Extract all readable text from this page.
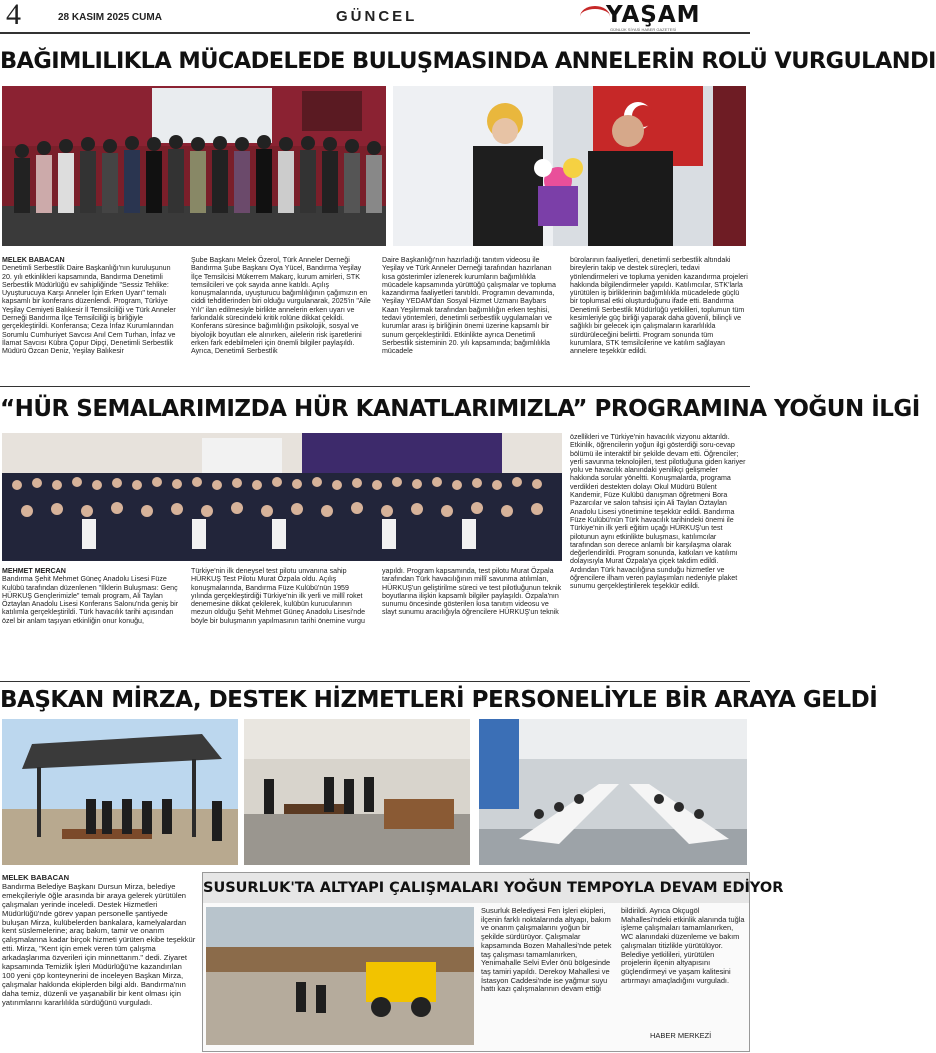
4	28 KASIM 2025 CUMA	GÜNCEL	YAŞAM
GÜNLÜK SİYASİ HABER GAZETESİ
BAĞIMLILIKLA MÜCADELEDE BULUŞMASINDA ANNELERİN ROLÜ VURGULANDI
MELEK BABACAN

Denetimli Serbestlik Daire Başkanlığı'nın kuruluşunun 20. yılı etkinlikleri kapsamında, Bandırma Denetimli Serbestlik Müdürlüğü ev sahipliğinde "Sessiz Tehlike: Uyuşturucuya Karşı Anneler İçin Erken Uyarı" temalı kapsamlı bir konferans düzenlendi. Program, Türkiye Yeşilay Cemiyeti Balıkesir İl Temsilciliği ve Türk Anneler Derneği Bandırma İlçe Temsilciliği iş birliğiyle gerçekleştirildi. Konferansa; Ceza İnfaz Kurumlarından Sorumlu Cumhuriyet Savcısı Anıl Cem Turhan, İnfaz ve İlamat Savcısı Kübra Çopur Dipçi, Denetimli Serbestlik Müdürü Özcan Deniz, Yeşilay Balıkesir

Şube Başkanı Melek Özerol, Türk Anneler Derneği Bandırma Şube Başkanı Oya Yücel, Bandırma Yeşilay İlçe Temsilcisi Mükerrem Makarç, kurum amirleri, STK temsilcileri ve çok sayıda anne katıldı. Açılış konuşmalarında, uyuşturucu bağımlılığının çağımızın en ciddi tehditlerinden biri olduğu vurgulanarak, 2025'in "Aile Yılı" ilan edilmesiyle birlikte annelerin erken uyarı ve farkındalık sürecindeki kritik rolüne dikkat çekildi. Konferans süresince bağımlılığın psikolojik, sosyal ve biyolojik boyutları ele alınırken, ailelerin risk işaretlerini erken fark edebilmeleri için önemli bilgiler paylaşıldı. Ayrıca, Denetimli Serbestlik

Daire Başkanlığı'nın hazırladığı tanıtım videosu ile Yeşilay ve Türk Anneler Derneği tarafından hazırlanan kısa gösterimler izlenerek kurumların bağımlılıkla mücadele kapsamında yürüttüğü çalışmalar ve topluma kazandırma faaliyetleri tanıtıldı. Programın devamında, Yeşilay YEDAM'dan Sosyal Hizmet Uzmanı Baybars Kaan Yeşilırmak tarafından bağımlılığın erken teşhisi, tedavi yöntemleri, denetimli serbestlik uygulamaları ve kurumlar arası iş birliğinin önemi üzerine kapsamlı bir sunum gerçekleştirildi. Etkinlikte ayrıca Denetimli Serbestlik sisteminin 20. yılı kapsamında; bağımlılıkla mücadele

bürolarının faaliyetleri, denetimli serbestlik altındaki bireylerin takip ve destek süreçleri, tedavi yönlendirmeleri ve topluma yeniden kazandırma projeleri hakkında bilgilendirmeler yapıldı. Katılımcılar, STK'larla yürütülen iş birliklerinin bağımlılıkla mücadelede güçlü bir toplumsal etki oluşturduğunu ifade etti. Bandırma Denetimli Serbestlik Müdürlüğü yetkilileri, toplumun tüm kesimleriyle güç birliği yaparak daha güvenli, bilinçli ve sağlıklı bir gelecek için çalışmaların kararlılıkla sürdürüleceğini belirtti. Program sonunda tüm kurumlara, STK temsilcilerine ve katılım sağlayan annelere teşekkür edildi.

“HÜR SEMALARIMIZDA HÜR KANATLARIMIZLA” PROGRAMINA YOĞUN İLGİ
MEHMET MERCAN

Bandırma Şehit Mehmet Güneç Anadolu Lisesi Füze Kulübü tarafından düzenlenen "İlklerin Buluşması: Genç HÜRKUŞ Gençlerimizle" temalı program, Ali Taylan Öztaylan Anadolu Lisesi Konferans Salonu'nda geniş bir katılımla gerçekleştirildi. Türk havacılık tarihi açısından özel bir anlam taşıyan etkinliğin onur konuğu,

Türkiye'nin ilk deneysel test pilotu unvanına sahip HÜRKUŞ Test Pilotu Murat Özpala oldu. Açılış konuşmalarında, Bandırma Füze Kulübü'nün 1959 yılında gerçekleştirdiği Türkiye'nin ilk yerli ve millî roket denemesine dikkat çekilerek, kulübün kurucularının mezun olduğu Şehit Mehmet Güneç Anadolu Lisesi'nde böyle bir buluşmanın yapılmasının tarihi önemine vurgu

yapıldı. Program kapsamında, test pilotu Murat Özpala tarafından Türk havacılığının millî savunma atılımları, HÜRKUŞ'un geliştirilme süreci ve test pilotluğunun teknik boyutlarına ilişkin kapsamlı bilgiler paylaşıldı. Özpala'nın sunumu öncesinde gösterilen kısa tanıtım videosu ve slayt sunumu aracılığıyla öğrencilere HÜRKUŞ'un teknik

özellikleri ve Türkiye'nin havacılık vizyonu aktarıldı. Etkinlik, öğrencilerin yoğun ilgi gösterdiği soru-cevap bölümü ile interaktif bir şekilde devam etti. Öğrenciler; yerli savunma teknolojileri, test pilotluğuna giden kariyer yolu ve havacılık alanındaki yenilikçi gelişmeler hakkında sorular yöneltti. Konuşmalarda, programa verdikleri destekten dolayı Okul Müdürü Bülent Kandemir, Füze Kulübü danışman öğretmeni Bora Pazarcılar ve salon tahsisi için Ali Taylan Öztaylan Anadolu Lisesi yönetimine teşekkür edildi. Bandırma Füze Kulübü'nün Türk havacılık tarihindeki önemi ile Türkiye'nin ilk yerli eğitim uçağı HÜRKUŞ'un test pilotunun aynı etkinlikte buluşması, katılımcılar tarafından son derece anlamlı bir karşılaşma olarak değerlendirildi. Program sonunda, katkıları ve katılımı dolayısıyla Murat Özpala'ya çiçek takdim edildi. Ardından Türk havacılığına sunduğu hizmetler ve öğrencilere ilham veren paylaşımları nedeniyle plaket sunumu gerçekleştirilerek teşekkür edildi.

BAŞKAN MİRZA, DESTEK HİZMETLERİ PERSONELİYLE BİR ARAYA GELDİ
MELEK BABACAN

Bandırma Belediye Başkanı Dursun Mirza, belediye emekçileriyle öğle arasında bir araya gelerek yürütülen çalışmaları yerinde inceledi. Destek Hizmetleri Müdürlüğü'nde görev yapan personelle şantiyede buluşan Mirza, kulübelerden bankalara, kamelyalardan kent süslemelerine; araç bakım, tamir ve onarım çalışmalarına kadar birçok hizmeti yürüten ekibe teşekkür etti. Mirza, "Kent için emek veren tüm çalışma arkadaşlarıma özverileri için minnettarım." dedi. Ziyaret kapsamında Temizlik İşleri Müdürlüğü'ne kazandırılan 100 yeni çöp konteynerini de inceleyen Başkan Mirza, çalışmalar hakkında ekiplerden bilgi aldı. Bandırma'nın daha temiz, düzenli ve yaşanabilir bir kent olması için yatırımlarını kararlılıkla sürdüğünü vurguladı.

SUSURLUK'TA ALTYAPI ÇALIŞMALARI YOĞUN TEMPOYLA DEVAM EDİYOR

Susurluk Belediyesi Fen İşleri ekipleri, ilçenin farklı noktalarında altyapı, bakım ve onarım çalışmalarını yoğun bir şekilde sürdürüyor. Çalışmalar kapsamında Bozen Mahallesi'nde petek taş çalışması tamamlanırken, Yenimahalle Selvi Evler önü bölgesinde taş tamiri yapıldı. Derekoy Mahallesi ve İstasyon Caddesi'nde ise yağmur suyu hattı kazı çalışmalarının devam ettiği

bildirildi. Ayrıca Okçugöl Mahallesi'ndeki etkinlik alanında tuğla işleme çalışmaları tamamlanırken, WC alanındaki düzenleme ve bakım çalışmaları titizlikle yürütülüyor. Belediye yetkilileri, yürütülen projelerin ilçenin altyapısını güçlendirmeyi ve yaşam kalitesini artırmayı amaçladığını vurguladı.

HABER MERKEZİ
